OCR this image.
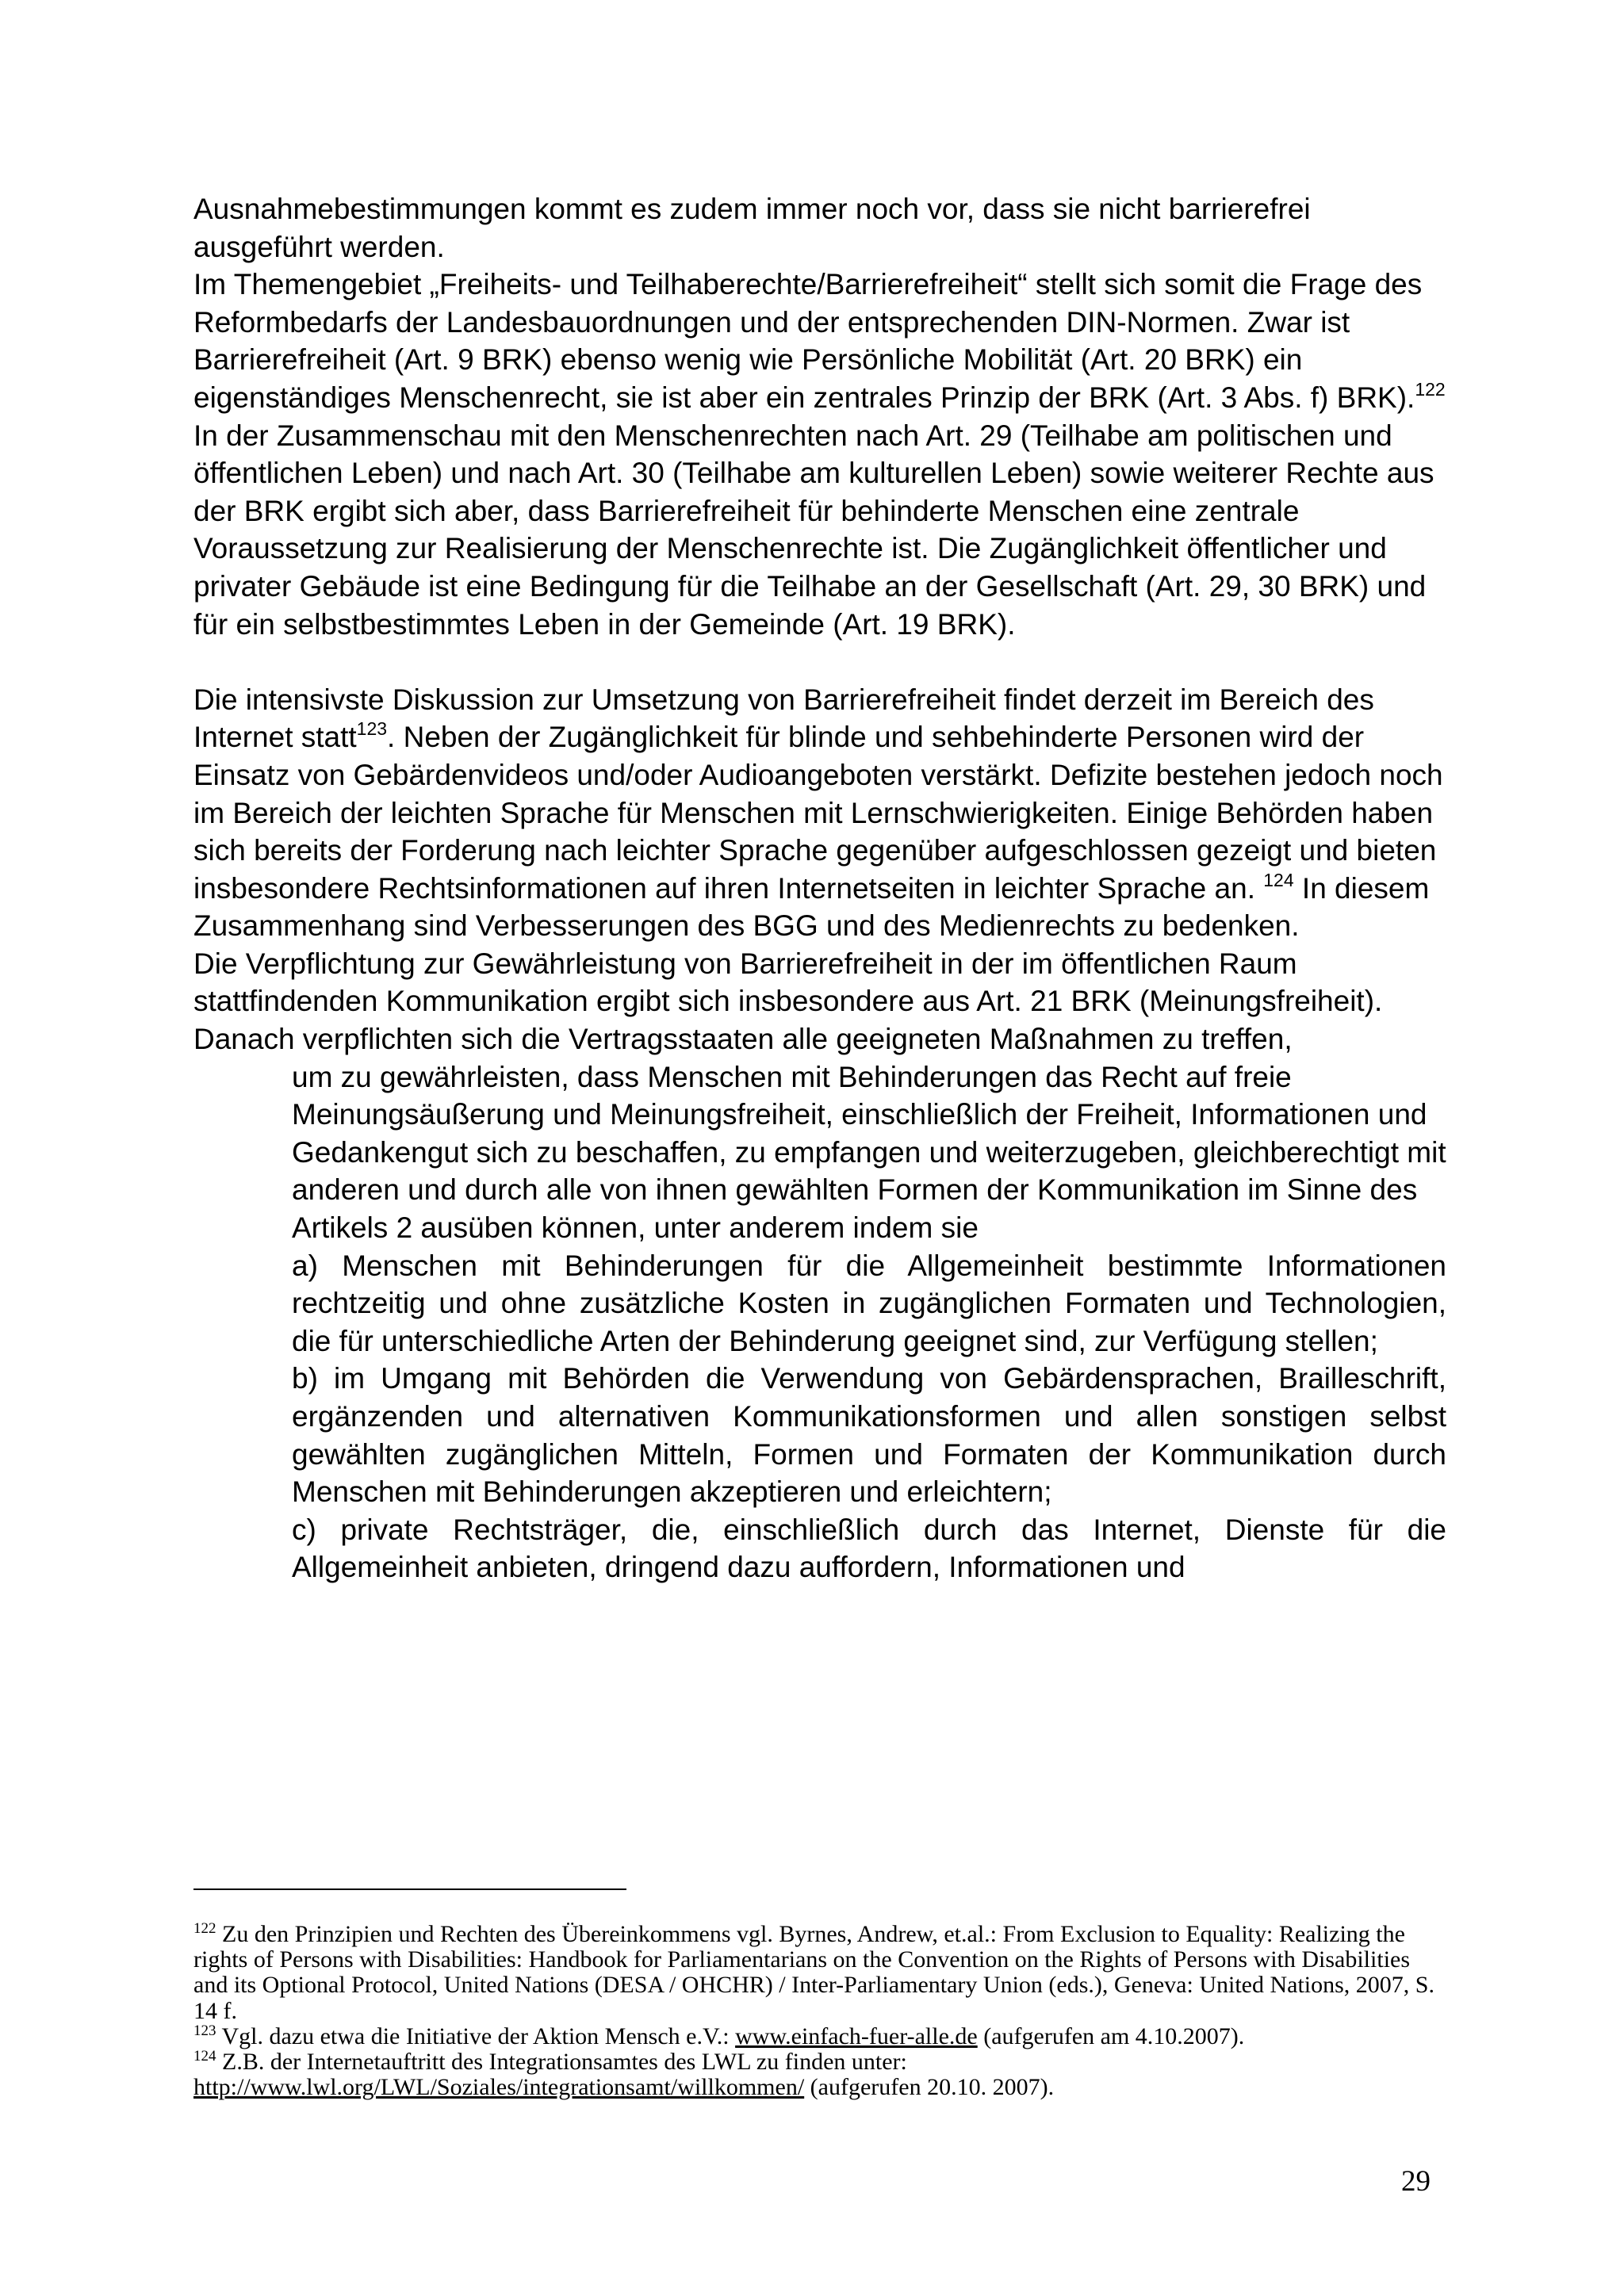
Ausnahmebestimmungen kommt es zudem immer noch vor, dass sie nicht barrierefrei ausgeführt werden.

Im Themengebiet „Freiheits- und Teilhaberechte/Barrierefreiheit“ stellt sich somit die Frage des Reformbedarfs der Landesbauordnungen und der entsprechenden DIN-Normen. Zwar ist Barrierefreiheit (Art. 9 BRK) ebenso wenig wie Persönliche Mobilität (Art. 20 BRK) ein eigenständiges Menschenrecht, sie ist aber ein zentrales Prinzip der BRK (Art. 3 Abs. f) BRK).$^{122}$ In der Zusammenschau mit den Menschenrechten nach Art. 29 (Teilhabe am politischen und öffentlichen Leben) und nach Art. 30 (Teilhabe am kulturellen Leben) sowie weiterer Rechte aus der BRK ergibt sich aber, dass Barrierefreiheit für behinderte Menschen eine zentrale Voraussetzung zur Realisierung der Menschenrechte ist. Die Zugänglichkeit öffentlicher und privater Gebäude ist eine Bedingung für die Teilhabe an der Gesellschaft (Art. 29, 30 BRK) und für ein selbstbestimmtes Leben in der Gemeinde (Art. 19 BRK).

Die intensivste Diskussion zur Umsetzung von Barrierefreiheit findet derzeit im Bereich des Internet statt$^{123}$. Neben der Zugänglichkeit für blinde und sehbehinderte Personen wird der Einsatz von Gebärdenvideos und/oder Audioangeboten verstärkt. Defizite bestehen jedoch noch im Bereich der leichten Sprache für Menschen mit Lernschwierigkeiten. Einige Behörden haben sich bereits der Forderung nach leichter Sprache gegenüber aufgeschlossen gezeigt und bieten insbesondere Rechtsinformationen auf ihren Internetseiten in leichter Sprache an. $^{124}$ In diesem Zusammenhang sind Verbesserungen des BGG und des Medienrechts zu bedenken.

Die Verpflichtung zur Gewährleistung von Barrierefreiheit in der im öffentlichen Raum stattfindenden Kommunikation ergibt sich insbesondere aus Art. 21 BRK (Meinungsfreiheit). Danach verpflichten sich die Vertragsstaaten alle geeigneten Maßnahmen zu treffen,

um zu gewährleisten, dass Menschen mit Behinderungen das Recht auf freie Meinungsäußerung und Meinungsfreiheit, einschließlich der Freiheit, Informationen und Gedankengut sich zu beschaffen, zu empfangen und weiterzugeben, gleichberechtigt mit anderen und durch alle von ihnen gewählten Formen der Kommunikation im Sinne des Artikels 2 ausüben können, unter anderem indem sie

a) Menschen mit Behinderungen für die Allgemeinheit bestimmte Informationen rechtzeitig und ohne zusätzliche Kosten in zugänglichen Formaten und Technologien, die für unterschiedliche Arten der Behinderung geeignet sind, zur Verfügung stellen;

b) im Umgang mit Behörden die Verwendung von Gebärdensprachen, Brailleschrift, ergänzenden und alternativen Kommunikationsformen und allen sonstigen selbst gewählten zugänglichen Mitteln, Formen und Formaten der Kommunikation durch Menschen mit Behinderungen akzeptieren und erleichtern;

c) private Rechtsträger, die, einschließlich durch das Internet, Dienste für die Allgemeinheit anbieten, dringend dazu auffordern, Informationen und

$^{122}$ Zu den Prinzipien und Rechten des Übereinkommens vgl. Byrnes, Andrew, et.al.: From Exclusion to Equality: Realizing the rights of Persons with Disabilities: Handbook for Parliamentarians on the Convention on the Rights of Persons with Disabilities and its Optional Protocol, United Nations (DESA / OHCHR) / Inter-Parliamentary Union (eds.), Geneva: United Nations, 2007, S. 14 f.

$^{123}$ Vgl. dazu etwa die Initiative der Aktion Mensch e.V.: www.einfach-fuer-alle.de (aufgerufen am 4.10.2007).

$^{124}$ Z.B. der Internetauftritt des Integrationsamtes des LWL zu finden unter:
http://www.lwl.org/LWL/Soziales/integrationsamt/willkommen/ (aufgerufen 20.10. 2007).

29
